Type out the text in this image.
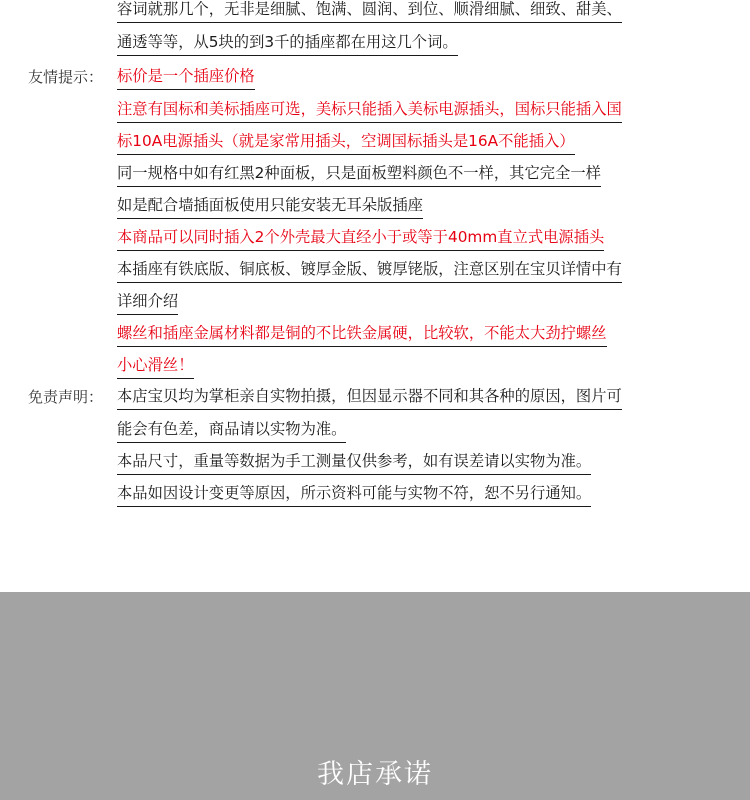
容词就那几个，无非是细腻、饱满、圆润、到位、顺滑细腻、细致、甜美、
通透等等，从5块的到3千的插座都在用这几个词。
友情提示： 标价是一个插座价格
注意有国标和美标插座可选，美标只能插入美标电源插头，国标只能插入国
标10A电源插头（就是家常用插头，空调国标插头是16A不能插入）
同一规格中如有红黑2种面板，只是面板塑料颜色不一样，其它完全一样
如是配合墙插面板使用只能安装无耳朵版插座
本商品可以同时插入2个外壳最大直经小于或等于40mm直立式电源插头
本插座有铁底版、铜底板、镀厚金版、镀厚铑版，注意区别在宝贝详情中有
详细介绍
螺丝和插座金属材料都是铜的不比铁金属硬，比较软，不能太大劲拧螺丝
小心滑丝！
免责声明： 本店宝贝均为掌柜亲自实物拍摄，但因显示器不同和其各种的原因，图片可
能会有色差，商品请以实物为准。
本品尺寸，重量等数据为手工测量仅供参考，如有误差请以实物为准。
本品如因设计变更等原因，所示资料可能与实物不符，恕不另行通知。
我店承诺
